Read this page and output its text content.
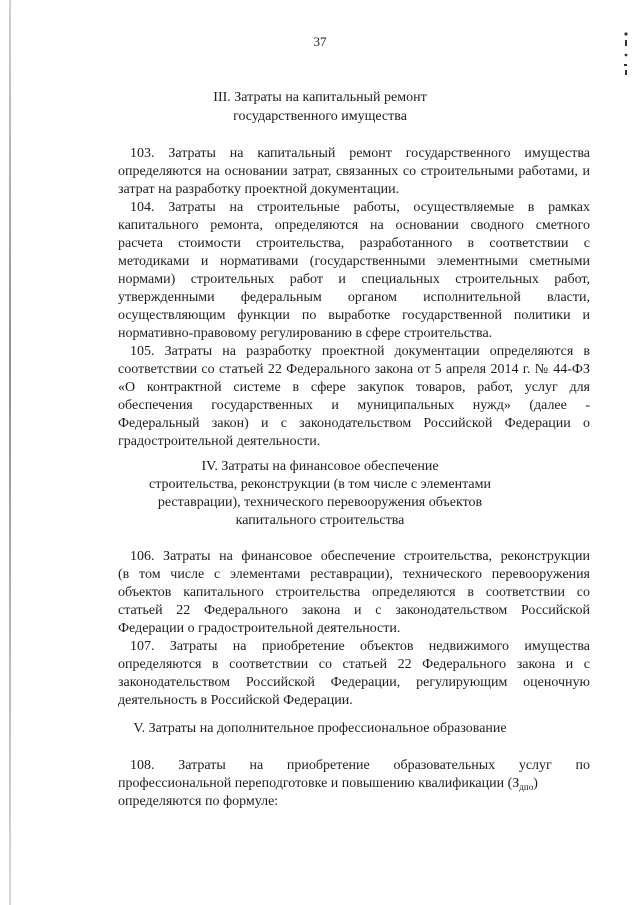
37
III. Затраты на капитальный ремонт
государственного имущества
103. Затраты на капитальный ремонт государственного имущества
определяются на основании затрат, связанных со строительными работами, и
затрат на разработку проектной документации.
104. Затраты на строительные работы, осуществляемые в рамках
капитального ремонта, определяются на основании сводного сметного
расчета стоимости строительства, разработанного в соответствии с
методиками и нормативами (государственными элементными сметными
нормами) строительных работ и специальных строительных работ,
утвержденными федеральным органом исполнительной власти,
осуществляющим функции по выработке государственной политики и
нормативно-правовому регулированию в сфере строительства.
105. Затраты на разработку проектной документации определяются в
соответствии со статьей 22 Федерального закона от 5 апреля 2014 г. № 44-ФЗ
«О контрактной системе в сфере закупок товаров, работ, услуг для
обеспечения государственных и муниципальных нужд» (далее -
Федеральный закон) и с законодательством Российской Федерации о
градостроительной деятельности.
IV. Затраты на финансовое обеспечение
строительства, реконструкции (в том числе с элементами
реставрации), технического перевооружения объектов
капитального строительства
106. Затраты на финансовое обеспечение строительства, реконструкции
(в том числе с элементами реставрации), технического перевооружения
объектов капитального строительства определяются в соответствии со
статьей 22 Федерального закона и с законодательством Российской
Федерации о градостроительной деятельности.
107. Затраты на приобретение объектов недвижимого имущества
определяются в соответствии со статьей 22 Федерального закона и с
законодательством Российской Федерации, регулирующим оценочную
деятельность в Российской Федерации.
V. Затраты на дополнительное профессиональное образование
108. Затраты на приобретение образовательных услуг по
профессиональной переподготовке и повышению квалификации $(З_{дпо})$
определяются по формуле:
